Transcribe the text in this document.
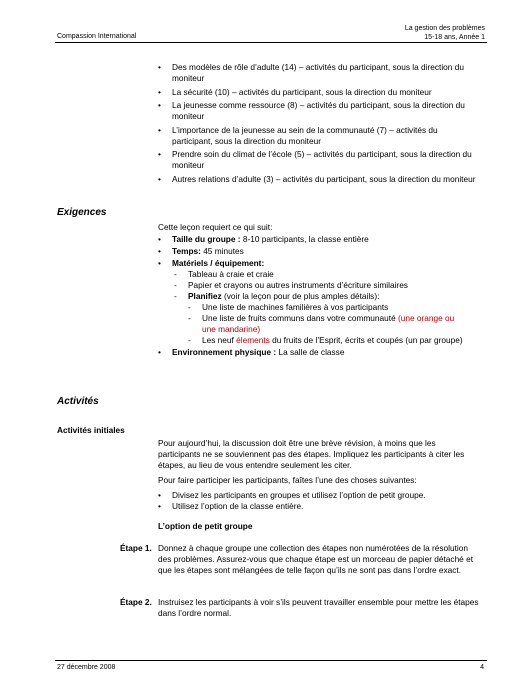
Compassion International
La gestion des problèmes
15-18 ans, Année 1
• Des modèles de rôle d’adulte (14) – activités du participant, sous la direction du moniteur
• La sécurité (10) – activités du participant, sous la direction du moniteur
• La jeunesse comme ressource (8) – activités du participant, sous la direction du moniteur
• L’importance de la jeunesse au sein de la communauté (7) – activités du participant, sous la direction du moniteur
• Prendre soin du climat de l’école (5) – activités du participant, sous la direction du moniteur
• Autres relations d’adulte (3) – activités du participant, sous la direction du moniteur
Exigences
Cette leçon requiert ce qui suit:
• Taille du groupe : 8-10 participants, la classe entière
• Temps: 45 minutes
• Matériels / équipement:
- Tableau à craie et craie
- Papier et crayons ou autres instruments d’écriture similaires
- Planifiez (voir la leçon pour de plus amples détails):
- Une liste de machines familières à vos participants
- Une liste de fruits communs dans votre communauté (une orange ou
une mandarine)
- Les neuf élements du fruits de l’Esprit, écrits et coupés (un par groupe)
• Environnement physique : La salle de classe
Activités
Activités initiales

Pour aujourd’hui, la discussion doit être une brève révision, à moins que les participants ne se souviennent pas des étapes. Impliquez les participants à citer les étapes, au lieu de vous entendre seulement les citer.

Pour faire participer les participants, faîtes l’une des choses suivantes:

• Divisez les participants en groupes et utilisez l’option de petit groupe.
• Utilisez l’option de la classe entière.
L’option de petit groupe
Étape 1. Donnez à chaque groupe une collection des étapes non numérotées de la résolution des problèmes. Assurez-vous que chaque étape est un morceau de papier détaché et que les étapes sont mélangées de telle façon qu’ils ne sont pas dans l’ordre exact.
Étape 2. Instruisez les participants à voir s’ils peuvent travailler ensemble pour mettre les étapes dans l’ordre normal.
27 décembre 2008	4
